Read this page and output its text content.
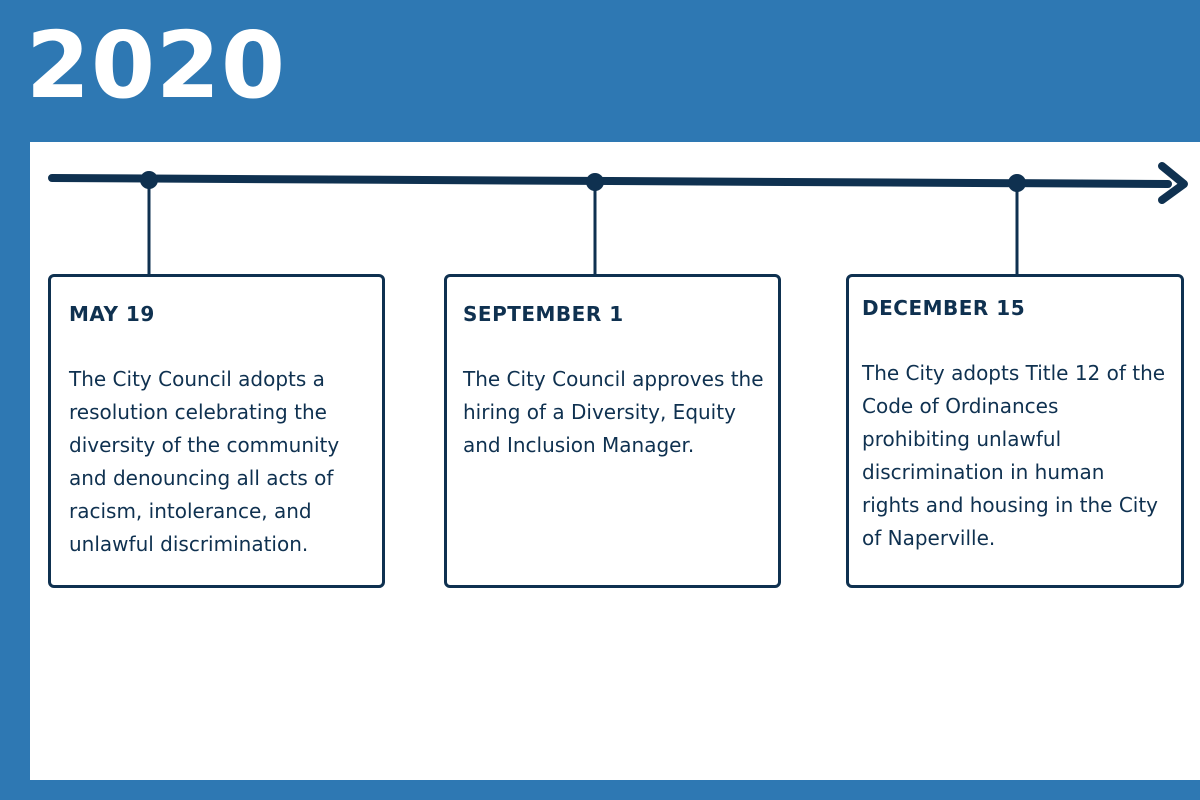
2020
MAY 19
The City Council adopts a resolution celebrating the diversity of the community and denouncing all acts of racism, intolerance, and unlawful discrimination.
SEPTEMBER 1
The City Council approves the hiring of a Diversity, Equity and Inclusion Manager.
DECEMBER 15
The City adopts Title 12 of the Code of Ordinances prohibiting unlawful discrimination in human rights and housing in the City of Naperville.
